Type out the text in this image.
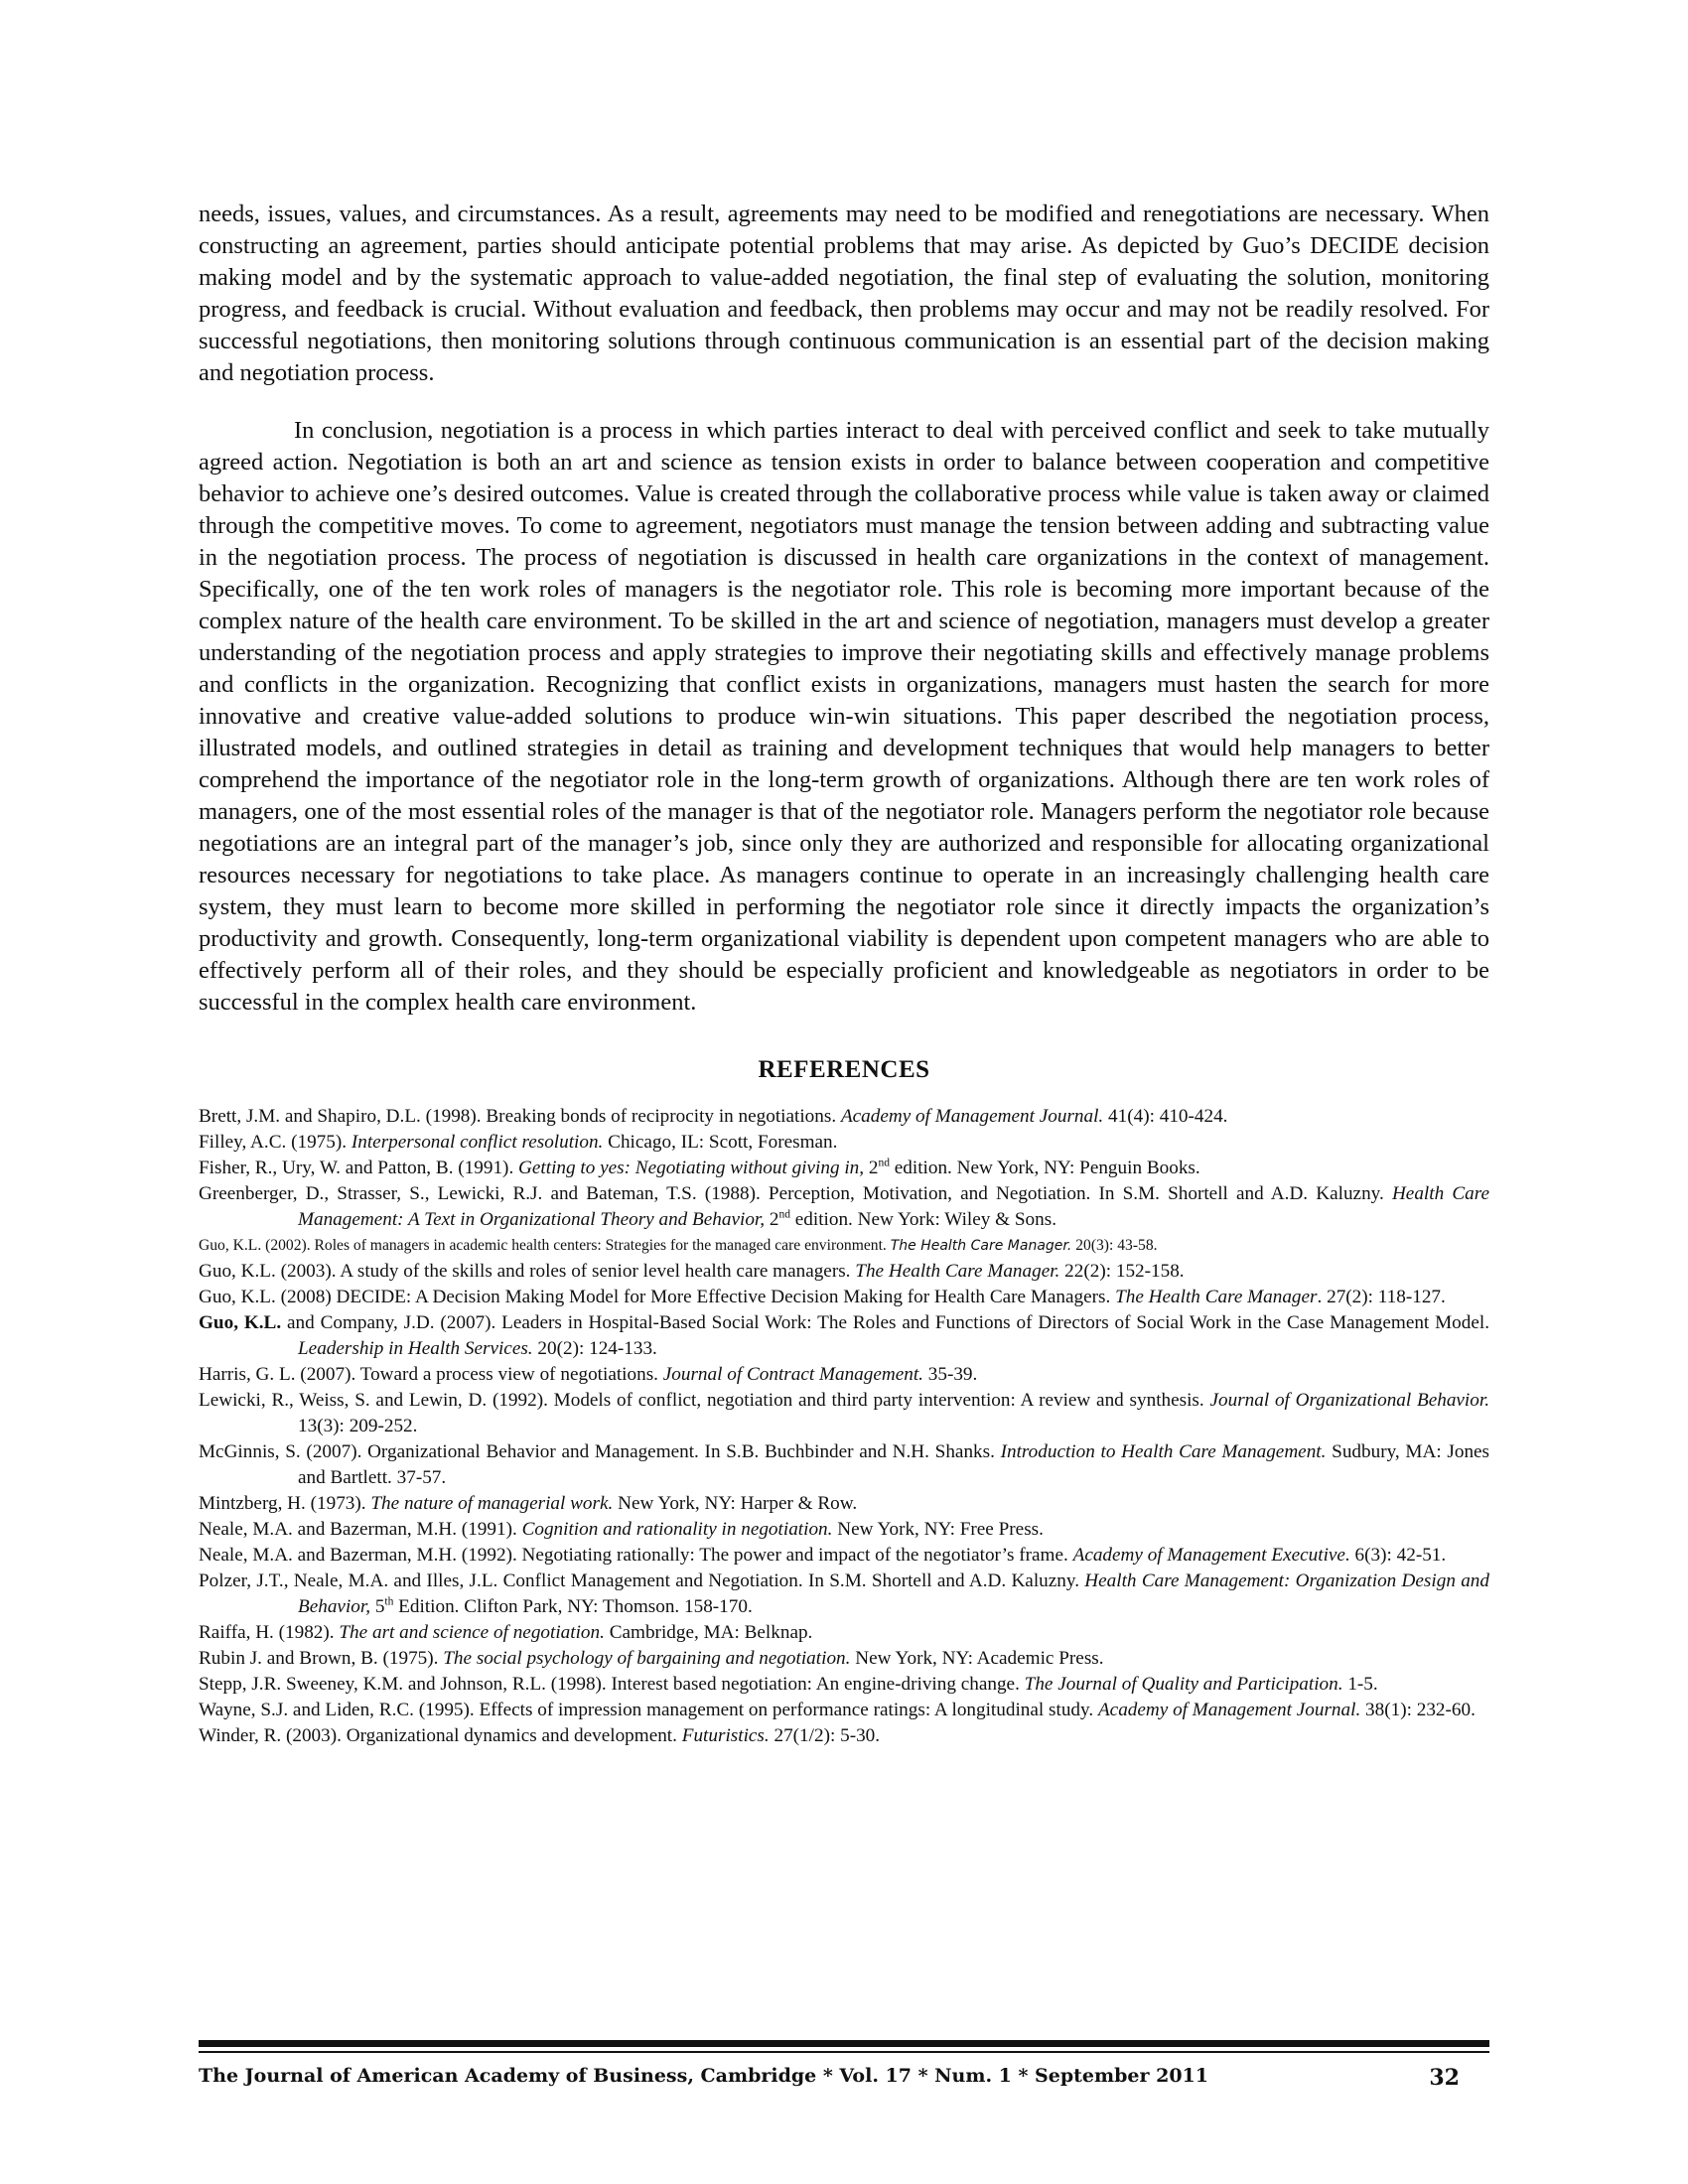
needs, issues, values, and circumstances. As a result, agreements may need to be modified and renegotiations are necessary. When constructing an agreement, parties should anticipate potential problems that may arise. As depicted by Guo’s DECIDE decision making model and by the systematic approach to value-added negotiation, the final step of evaluating the solution, monitoring progress, and feedback is crucial. Without evaluation and feedback, then problems may occur and may not be readily resolved. For successful negotiations, then monitoring solutions through continuous communication is an essential part of the decision making and negotiation process.

In conclusion, negotiation is a process in which parties interact to deal with perceived conflict and seek to take mutually agreed action. Negotiation is both an art and science as tension exists in order to balance between cooperation and competitive behavior to achieve one’s desired outcomes. Value is created through the collaborative process while value is taken away or claimed through the competitive moves. To come to agreement, negotiators must manage the tension between adding and subtracting value in the negotiation process. The process of negotiation is discussed in health care organizations in the context of management. Specifically, one of the ten work roles of managers is the negotiator role. This role is becoming more important because of the complex nature of the health care environment. To be skilled in the art and science of negotiation, managers must develop a greater understanding of the negotiation process and apply strategies to improve their negotiating skills and effectively manage problems and conflicts in the organization. Recognizing that conflict exists in organizations, managers must hasten the search for more innovative and creative value-added solutions to produce win-win situations. This paper described the negotiation process, illustrated models, and outlined strategies in detail as training and development techniques that would help managers to better comprehend the importance of the negotiator role in the long-term growth of organizations. Although there are ten work roles of managers, one of the most essential roles of the manager is that of the negotiator role. Managers perform the negotiator role because negotiations are an integral part of the manager’s job, since only they are authorized and responsible for allocating organizational resources necessary for negotiations to take place. As managers continue to operate in an increasingly challenging health care system, they must learn to become more skilled in performing the negotiator role since it directly impacts the organization’s productivity and growth. Consequently, long-term organizational viability is dependent upon competent managers who are able to effectively perform all of their roles, and they should be especially proficient and knowledgeable as negotiators in order to be successful in the complex health care environment.

REFERENCES

Brett, J.M. and Shapiro, D.L. (1998). Breaking bonds of reciprocity in negotiations. Academy of Management Journal. 41(4): 410-424.

Filley, A.C. (1975). Interpersonal conflict resolution. Chicago, IL: Scott, Foresman.

Fisher, R., Ury, W. and Patton, B. (1991). Getting to yes: Negotiating without giving in, 2nd edition. New York, NY: Penguin Books.

Greenberger, D., Strasser, S., Lewicki, R.J. and Bateman, T.S. (1988). Perception, Motivation, and Negotiation. In S.M. Shortell and A.D. Kaluzny. Health Care Management: A Text in Organizational Theory and Behavior, 2nd edition. New York: Wiley & Sons.

Guo, K.L. (2002). Roles of managers in academic health centers: Strategies for the managed care environment. The Health Care Manager. 20(3): 43-58.

Guo, K.L. (2003). A study of the skills and roles of senior level health care managers. The Health Care Manager. 22(2): 152-158.

Guo, K.L. (2008) DECIDE: A Decision Making Model for More Effective Decision Making for Health Care Managers. The Health Care Manager. 27(2): 118-127.

Guo, K.L. and Company, J.D. (2007). Leaders in Hospital-Based Social Work: The Roles and Functions of Directors of Social Work in the Case Management Model. Leadership in Health Services. 20(2): 124-133.

Harris, G. L. (2007). Toward a process view of negotiations. Journal of Contract Management. 35-39.

Lewicki, R., Weiss, S. and Lewin, D. (1992). Models of conflict, negotiation and third party intervention: A review and synthesis. Journal of Organizational Behavior. 13(3): 209-252.

McGinnis, S. (2007). Organizational Behavior and Management. In S.B. Buchbinder and N.H. Shanks. Introduction to Health Care Management. Sudbury, MA: Jones and Bartlett. 37-57.

Mintzberg, H. (1973). The nature of managerial work. New York, NY: Harper & Row.

Neale, M.A. and Bazerman, M.H. (1991). Cognition and rationality in negotiation. New York, NY: Free Press.

Neale, M.A. and Bazerman, M.H. (1992). Negotiating rationally: The power and impact of the negotiator’s frame. Academy of Management Executive. 6(3): 42-51.

Polzer, J.T., Neale, M.A. and Illes, J.L. Conflict Management and Negotiation. In S.M. Shortell and A.D. Kaluzny. Health Care Management: Organization Design and Behavior, 5th Edition. Clifton Park, NY: Thomson. 158-170.

Raiffa, H. (1982). The art and science of negotiation. Cambridge, MA: Belknap.

Rubin J. and Brown, B. (1975). The social psychology of bargaining and negotiation. New York, NY: Academic Press.

Stepp, J.R. Sweeney, K.M. and Johnson, R.L. (1998). Interest based negotiation: An engine-driving change. The Journal of Quality and Participation. 1-5.

Wayne, S.J. and Liden, R.C. (1995). Effects of impression management on performance ratings: A longitudinal study. Academy of Management Journal. 38(1): 232-60.

Winder, R. (2003). Organizational dynamics and development. Futuristics. 27(1/2): 5-30.

The Journal of American Academy of Business, Cambridge * Vol. 17 * Num. 1 * September 2011	32
